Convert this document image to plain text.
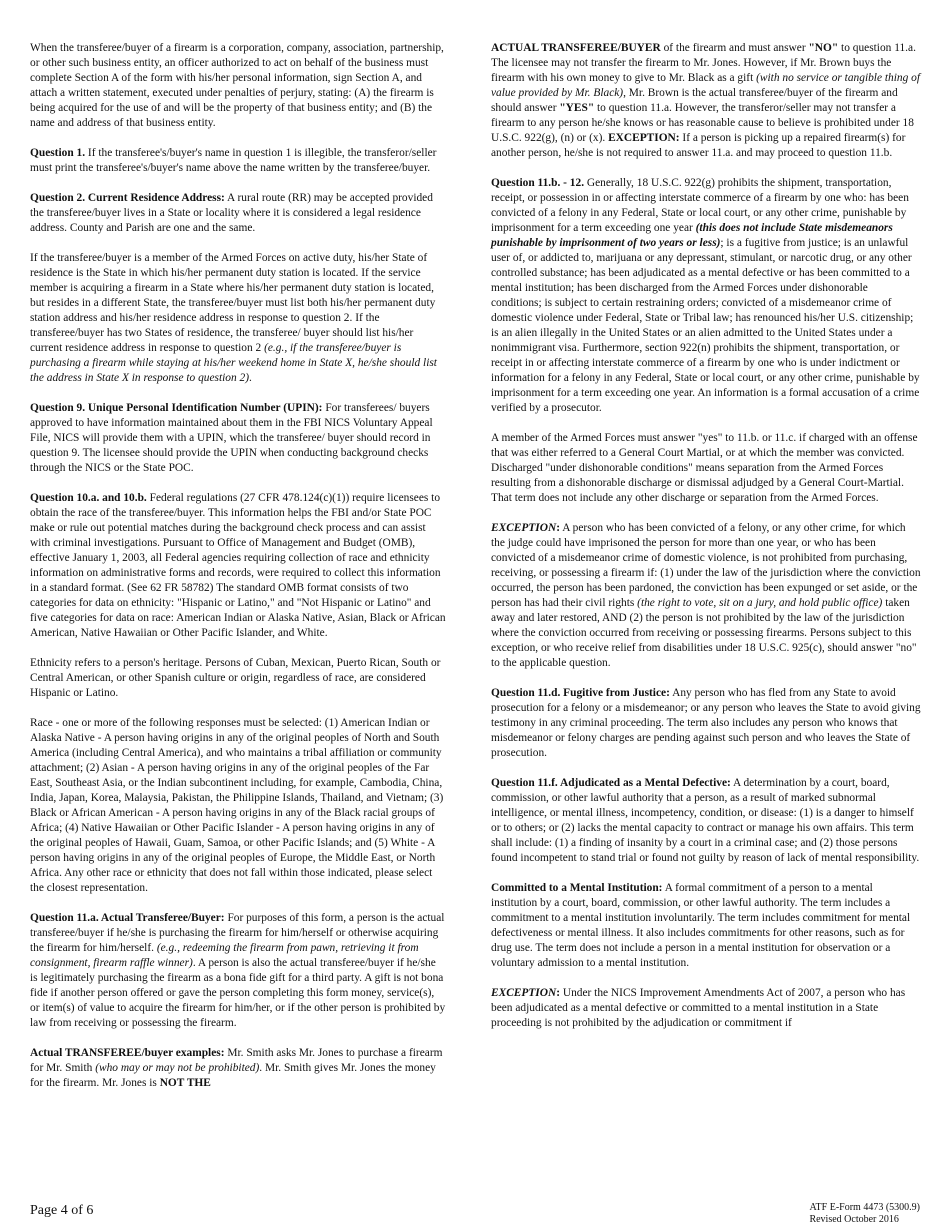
When the transferee/buyer of a firearm is a corporation, company, association, partnership, or other such business entity, an officer authorized to act on behalf of the business must complete Section A of the form with his/her personal information, sign Section A, and attach a written statement, executed under penalties of perjury, stating: (A) the firearm is being acquired for the use of and will be the property of that business entity; and (B) the name and address of that business entity.

Question 1. If the transferee's/buyer's name in question 1 is illegible, the transferor/seller must print the transferee's/buyer's name above the name written by the transferee/buyer.

Question 2. Current Residence Address: A rural route (RR) may be accepted provided the transferee/buyer lives in a State or locality where it is considered a legal residence address. County and Parish are one and the same.

If the transferee/buyer is a member of the Armed Forces on active duty, his/her State of residence is the State in which his/her permanent duty station is located. If the service member is acquiring a firearm in a State where his/her permanent duty station is located, but resides in a different State, the transferee/buyer must list both his/her permanent duty station address and his/her residence address in response to question 2. If the transferee/buyer has two States of residence, the transferee/ buyer should list his/her current residence address in response to question 2 (e.g., if the transferee/buyer is purchasing a firearm while staying at his/her weekend home in State X, he/she should list the address in State X in response to question 2).

Question 9. Unique Personal Identification Number (UPIN): For transferees/ buyers approved to have information maintained about them in the FBI NICS Voluntary Appeal File, NICS will provide them with a UPIN, which the transferee/ buyer should record in question 9. The licensee should provide the UPIN when conducting background checks through the NICS or the State POC.

Question 10.a. and 10.b. Federal regulations (27 CFR 478.124(c)(1)) require licensees to obtain the race of the transferee/buyer. This information helps the FBI and/or State POC make or rule out potential matches during the background check process and can assist with criminal investigations. Pursuant to Office of Management and Budget (OMB), effective January 1, 2003, all Federal agencies requiring collection of race and ethnicity information on administrative forms and records, were required to collect this information in a standard format. (See 62 FR 58782) The standard OMB format consists of two categories for data on ethnicity: "Hispanic or Latino," and "Not Hispanic or Latino" and five categories for data on race: American Indian or Alaska Native, Asian, Black or African American, Native Hawaiian or Other Pacific Islander, and White.

Ethnicity refers to a person's heritage. Persons of Cuban, Mexican, Puerto Rican, South or Central American, or other Spanish culture or origin, regardless of race, are considered Hispanic or Latino.

Race - one or more of the following responses must be selected: (1) American Indian or Alaska Native - A person having origins in any of the original peoples of North and South America (including Central America), and who maintains a tribal affiliation or community attachment; (2) Asian - A person having origins in any of the original peoples of the Far East, Southeast Asia, or the Indian subcontinent including, for example, Cambodia, China, India, Japan, Korea, Malaysia, Pakistan, the Philippine Islands, Thailand, and Vietnam; (3) Black or African American - A person having origins in any of the Black racial groups of Africa; (4) Native Hawaiian or Other Pacific Islander - A person having origins in any of the original peoples of Hawaii, Guam, Samoa, or other Pacific Islands; and (5) White - A person having origins in any of the original peoples of Europe, the Middle East, or North Africa. Any other race or ethnicity that does not fall within those indicated, please select the closest representation.

Question 11.a. Actual Transferee/Buyer: For purposes of this form, a person is the actual transferee/buyer if he/she is purchasing the firearm for him/herself or otherwise acquiring the firearm for him/herself. (e.g., redeeming the firearm from pawn, retrieving it from consignment, firearm raffle winner). A person is also the actual transferee/buyer if he/she is legitimately purchasing the firearm as a bona fide gift for a third party. A gift is not bona fide if another person offered or gave the person completing this form money, service(s), or item(s) of value to acquire the firearm for him/her, or if the other person is prohibited by law from receiving or possessing the firearm.

Actual TRANSFEREE/buyer examples: Mr. Smith asks Mr. Jones to purchase a firearm for Mr. Smith (who may or may not be prohibited). Mr. Smith gives Mr. Jones the money for the firearm. Mr. Jones is NOT THE

ACTUAL TRANSFEREE/BUYER of the firearm and must answer "NO" to question 11.a. The licensee may not transfer the firearm to Mr. Jones. However, if Mr. Brown buys the firearm with his own money to give to Mr. Black as a gift (with no service or tangible thing of value provided by Mr. Black), Mr. Brown is the actual transferee/buyer of the firearm and should answer "YES" to question 11.a. However, the transferor/seller may not transfer a firearm to any person he/she knows or has reasonable cause to believe is prohibited under 18 U.S.C. 922(g), (n) or (x). EXCEPTION: If a person is picking up a repaired firearm(s) for another person, he/she is not required to answer 11.a. and may proceed to question 11.b.

Question 11.b. - 12. Generally, 18 U.S.C. 922(g) prohibits the shipment, transportation, receipt, or possession in or affecting interstate commerce of a firearm by one who: has been convicted of a felony in any Federal, State or local court, or any other crime, punishable by imprisonment for a term exceeding one year (this does not include State misdemeanors punishable by imprisonment of two years or less); is a fugitive from justice; is an unlawful user of, or addicted to, marijuana or any depressant, stimulant, or narcotic drug, or any other controlled substance; has been adjudicated as a mental defective or has been committed to a mental institution; has been discharged from the Armed Forces under dishonorable conditions; is subject to certain restraining orders; convicted of a misdemeanor crime of domestic violence under Federal, State or Tribal law; has renounced his/her U.S. citizenship; is an alien illegally in the United States or an alien admitted to the United States under a nonimmigrant visa. Furthermore, section 922(n) prohibits the shipment, transportation, or receipt in or affecting interstate commerce of a firearm by one who is under indictment or information for a felony in any Federal, State or local court, or any other crime, punishable by imprisonment for a term exceeding one year. An information is a formal accusation of a crime verified by a prosecutor.

A member of the Armed Forces must answer "yes" to 11.b. or 11.c. if charged with an offense that was either referred to a General Court Martial, or at which the member was convicted. Discharged "under dishonorable conditions" means separation from the Armed Forces resulting from a dishonorable discharge or dismissal adjudged by a General Court-Martial. That term does not include any other discharge or separation from the Armed Forces.

EXCEPTION: A person who has been convicted of a felony, or any other crime, for which the judge could have imprisoned the person for more than one year, or who has been convicted of a misdemeanor crime of domestic violence, is not prohibited from purchasing, receiving, or possessing a firearm if: (1) under the law of the jurisdiction where the conviction occurred, the person has been pardoned, the conviction has been expunged or set aside, or the person has had their civil rights (the right to vote, sit on a jury, and hold public office) taken away and later restored, AND (2) the person is not prohibited by the law of the jurisdiction where the conviction occurred from receiving or possessing firearms. Persons subject to this exception, or who receive relief from disabilities under 18 U.S.C. 925(c), should answer "no" to the applicable question.

Question 11.d. Fugitive from Justice: Any person who has fled from any State to avoid prosecution for a felony or a misdemeanor; or any person who leaves the State to avoid giving testimony in any criminal proceeding. The term also includes any person who knows that misdemeanor or felony charges are pending against such person and who leaves the State of prosecution.

Question 11.f. Adjudicated as a Mental Defective: A determination by a court, board, commission, or other lawful authority that a person, as a result of marked subnormal intelligence, or mental illness, incompetency, condition, or disease: (1) is a danger to himself or to others; or (2) lacks the mental capacity to contract or manage his own affairs. This term shall include: (1) a finding of insanity by a court in a criminal case; and (2) those persons found incompetent to stand trial or found not guilty by reason of lack of mental responsibility.

Committed to a Mental Institution: A formal commitment of a person to a mental institution by a court, board, commission, or other lawful authority. The term includes a commitment to a mental institution involuntarily. The term includes commitment for mental defectiveness or mental illness. It also includes commitments for other reasons, such as for drug use. The term does not include a person in a mental institution for observation or a voluntary admission to a mental institution.

EXCEPTION: Under the NICS Improvement Amendments Act of 2007, a person who has been adjudicated as a mental defective or committed to a mental institution in a State proceeding is not prohibited by the adjudication or commitment if

Page 4 of 6	ATF E-Form 4473 (5300.9)
Revised October 2016
